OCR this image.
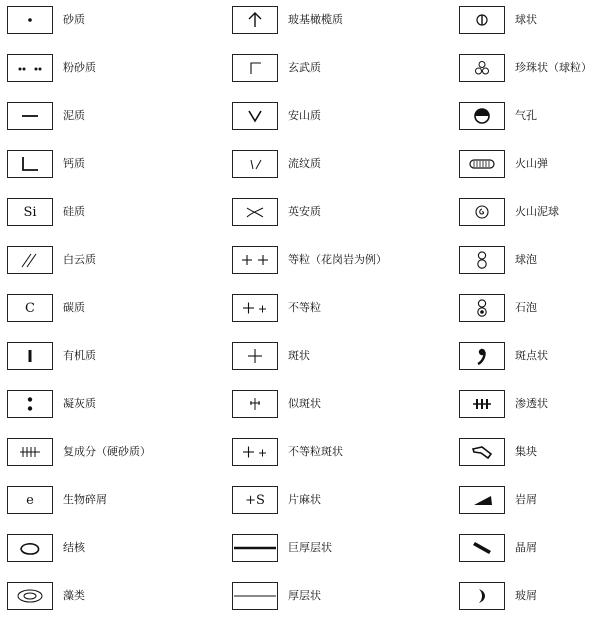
砂质
粉砂质
泥质
钙质
Si 硅质
白云质
C	碳质
有机质
凝灰质
复成分（硬砂质）
e	生物碎屑
结核
藻类
玻基橄榄质
玄武质
安山质
流纹质
英安质
等粒（花岗岩为例）
不等粒
斑状
似斑状
不等粒斑状
+S 片麻状
巨厚层状
厚层状
球状
珍珠状（球粒）
气孔
火山弹
火山泥球
球泡
石泡
斑点状
渗透状
集块
岩屑
晶屑
玻屑
